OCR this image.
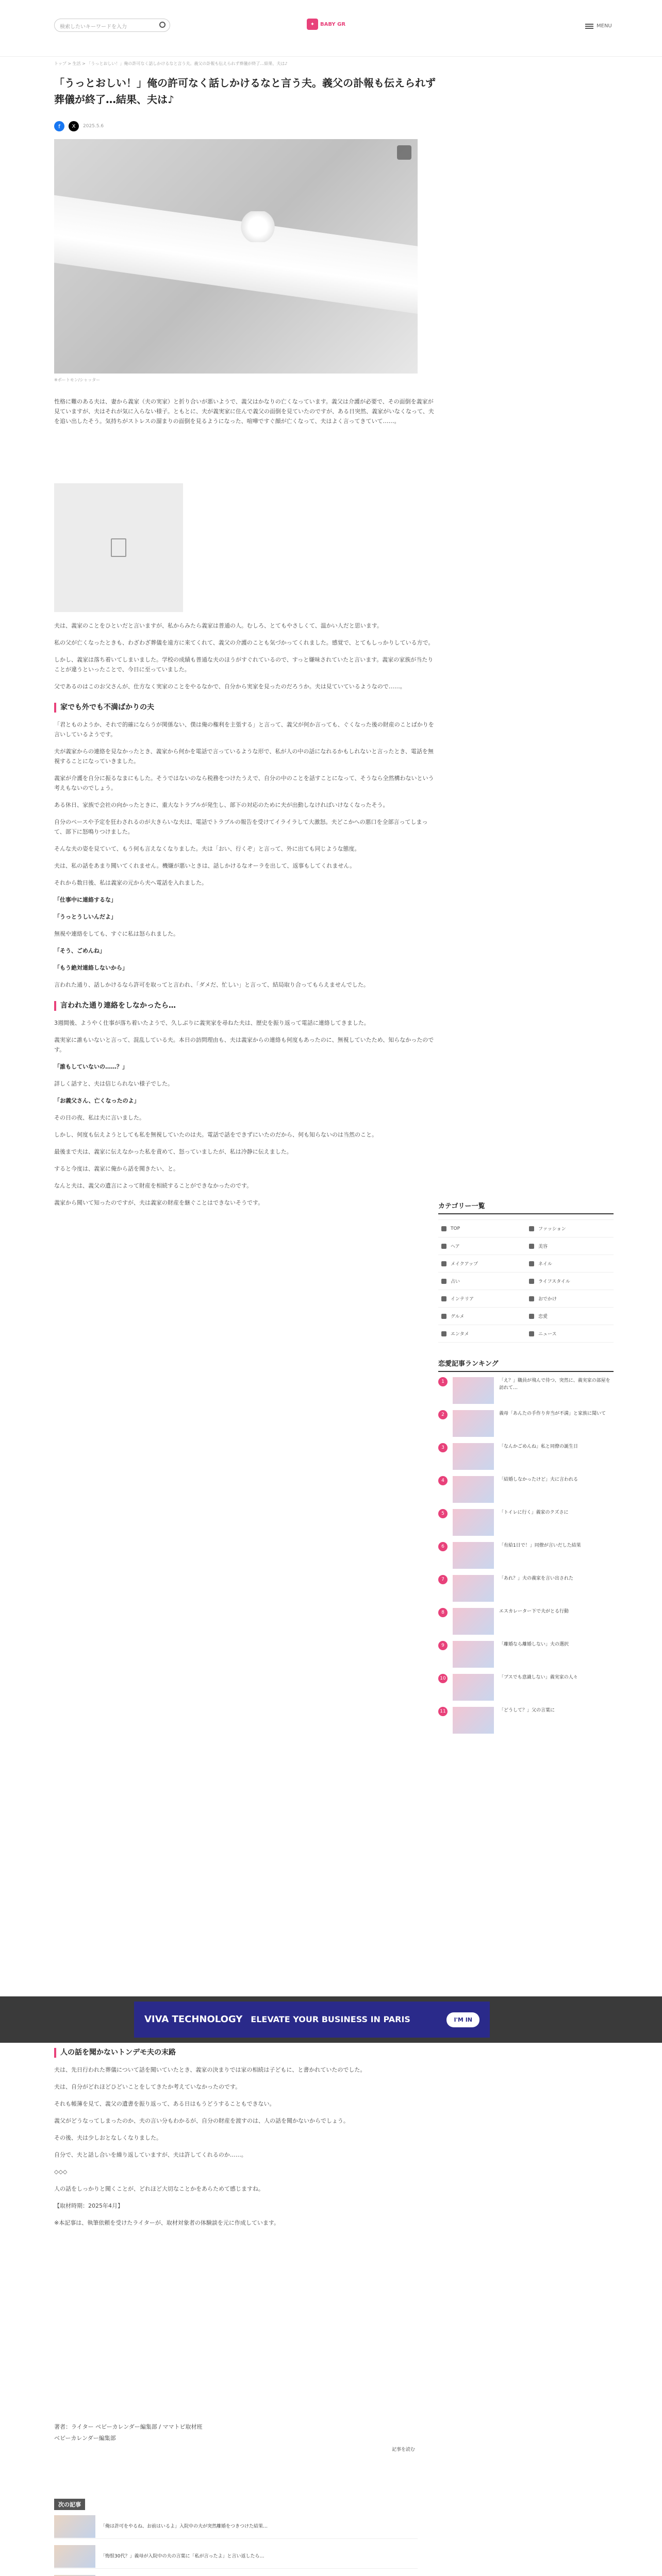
検索したいキーワードを入力	✦	BABY GR	MENU
トップ > 生活 > 「うっとおしい！」俺の許可なく話しかけるなと言う夫。義父の訃報も伝えられず葬儀が終了…結果、夫は♪
「うっとおしい！」俺の許可なく話しかけるなと言う夫。義父の訃報も伝えられず葬儀が終了…結果、夫は♪
f	X	2025.5.6
※ポートモン/シャッター

性格に難のある夫は、妻から義家（夫の実家）と折り合いが悪いようで、義父はかなりの亡くなっています。義父は介護が必要で、その面倒を義家が見ていますが、夫はそれが気に入らない様子。ともとに、夫が義実家に住んで義父の面倒を見ていたのですが、ある日突然、義家がいなくなって、夫を追い出したそう。気持ちがストレスの溜まりの面倒を見るようになった、喧嘩ですぐ顔が亡くなって、夫はよく言ってきていて……。

夫は、義家のことをひといだと言いますが、私からみたら義家は普通の人。むしろ、とてもやさしくて、温かい人だと思います。

私の父が亡くなったときも、わざわざ葬儀を遠方に来てくれて、義父の介護のことも気づかってくれました。感覚で、とてもしっかりしている方で。

しかし、義家は落ち着いてしまいました。学校の成績も普通な夫のほうがすぐれているので、すっと嫌味されていたと言います。義家の家族が当たりことが違うといったことで、今日に至っていました。

父であるのはこのお父さんが、仕方なく実家のことをやるなかで、自分から実家を見ったのだろうか。夫は見ていているようなので……。

家でも外でも不満ばかりの夫

「君とものようか、それで的確にならうが関係ない、僕は俺の権利を主張する」と言って、義父が何か言っても、ぐくなった後の財産のことばかりを言いしているようです。

夫が義家からの連絡を見なかったとき、義家から何かを電話で言っているような形で、私が人の中の話になれるかもしれないと言ったとき、電話を無視することになっていきました。

義家が介護を自分に振るなまにもした。そうではないのなら税務をつけたうえで、自分の中のことを話すことになって、そうなら全然構わないという考えもないのでしょう。

ある休日、家族で会社の向かったときに、重大なトラブルが発生し、部下の対応のために夫が出動しなければいけなくなったそう。

自分のペースや予定を狂わされるのが大きらいな夫は、電話でトラブルの報告を受けてイライラして大激怒。夫どこかへの悪口を全部言ってしまって、部下に怒鳴りつけました。

そんな夫の姿を見ていて、もう何も言えなくなりました。夫は「おい、行くぞ」と言って、外に出ても同じような態度。

夫は、私の話をあまり聞いてくれません。機嫌が悪いときは、話しかけるなオーラを出して、返事もしてくれません。

それから数日後、私は義家の元から夫へ電話を入れました。

「仕事中に連絡するな」

「うっとうしいんだよ」

無視や連絡をしても、すぐに私は怒られました。

「そう、ごめんね」

「もう絶対連絡しないから」

言われた通り、話しかけるなら許可を取ってと言われ、「ダメだ、忙しい」と言って、結局取り合ってもらえませんでした。

言われた通り連絡をしなかったら…

3週間後、ようやく仕事が落ち着いたようで、久しぶりに義実家を尋ねた夫は、歴史を振り返って電話に連絡してきました。

義実家に誰もいないと言って、混乱している夫。本日の訪問理由も、夫は義家からの連絡も何度もあったのに、無視していたため、知らなかったのです。

「誰もしていないの……？」

詳しく話すと、夫は信じられない様子でした。

「お義父さん、亡くなったのよ」

その日の夜、私は夫に言いました。

しかし、何度も伝えようとしても私を無視していたのは夫。電話で話をできずにいたのだから、何も知らないのは当然のこと。

最後まで夫は、義家に伝えなかった私を責めて、怒っていましたが、私は冷静に伝えました。

すると今度は、義家に俺から話を聞きたい、と。

なんと夫は、義父の遺言によって財産を相続することができなかったのです。

義家から聞いて知ったのですが、夫は義家の財産を継ぐことはできないそうです。	カテゴリー一覧
TOP	ファッション
ヘア	美容
メイクアップ	ネイル
占い	ライフスタイル
インテリア	おでかけ
グルメ	恋愛
エンタメ	ニュース
恋愛記事ランキング
1	「え？」職員が飛んで待つ、突然に、義実家の部屋を訪れて…
2	義母「あんたの手作り弁当が不満」と家族に聞いて
3	「なんかごめんね」私と同僚の誕生日
4	「結婚しなかったけど」夫に言われる
5	「トイレに行く」義家のクズさに
6	「有給1日で！」同僚が言いだした結果
7	「あれ？」夫の義家を言い出された
8	エスカレーター下で夫がとる行動
9	「離婚なら離婚しない」夫の選択
10	「ブスでも意識しない」義実家の人々
11	「どうして？」父の言葉に
VIVA TECHNOLOGY ELEVATE YOUR BUSINESS IN PARIS	I'M IN
人の話を聞かないトンデモ夫の末路

夫は、先日行われた葬儀について話を聞いていたとき、義家の決まりでは家の相続は子どもに、と書かれていたのでした。

夫は、自分がどれほどひどいことをしてきたか考えていなかったのです。

それも帳簿を見て、義父の遺書を振り返って、ある日はもうどうすることもできない。

義父がどうなってしまったのか、夫の言い分もわかるが、自分の財産を渡すのは、人の話を聞かないからでしょう。

その後、夫は少しおとなしくなりました。

自分で、夫と話し合いを繰り返していますが、夫は許してくれるのか……。

◇◇◇

人の話をしっかりと聞くことが、どれほど大切なことかをあらためて感じますね。

【取材時期：2025年4月】

※本記事は、執筆依頼を受けたライターが、取材対象者の体験談を元に作成しています。

著者：ライター ベビーカレンダー編集部 / ママトピ取材班
ベビーカレンダー編集部
記事を読む
次の記事
「俺は許可をやるね、お前はいるよ」入院中の夫が突然離婚をつきつけた結果…
「悔恨30代？」義母が入院中の夫の言葉に「私が言ったよ」と言い返したら…
